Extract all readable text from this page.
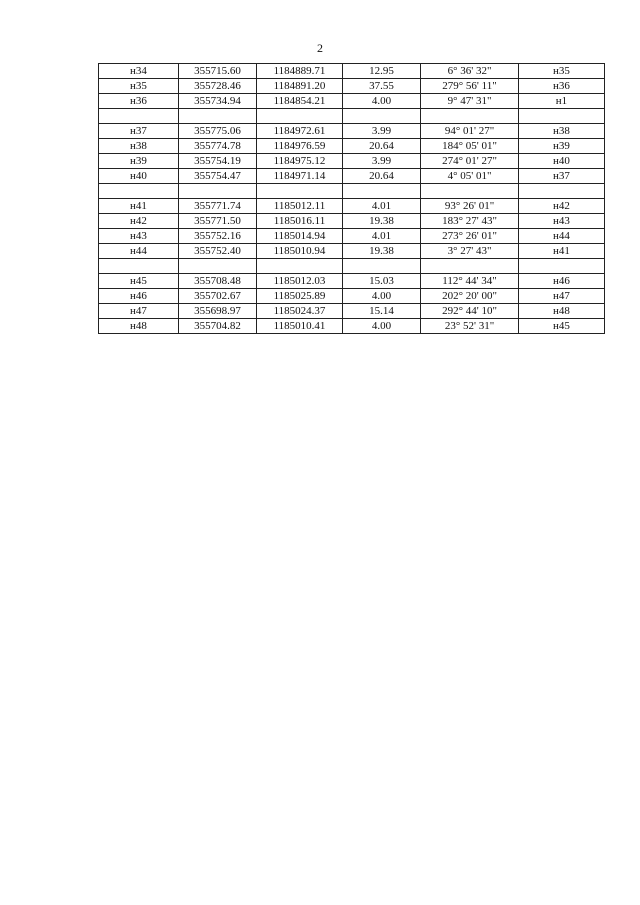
2
н34	355715.60	1184889.71	12.95	6° 36' 32"	н35
н35	355728.46	1184891.20	37.55	279° 56' 11"	н36
н36	355734.94	1184854.21	4.00	9° 47' 31"	н1

н37	355775.06	1184972.61	3.99	94° 01' 27"	н38
н38	355774.78	1184976.59	20.64	184° 05' 01"	н39
н39	355754.19	1184975.12	3.99	274° 01' 27"	н40
н40	355754.47	1184971.14	20.64	4° 05' 01"	н37

н41	355771.74	1185012.11	4.01	93° 26' 01"	н42
н42	355771.50	1185016.11	19.38	183° 27' 43"	н43
н43	355752.16	1185014.94	4.01	273° 26' 01"	н44
н44	355752.40	1185010.94	19.38	3° 27' 43"	н41

н45	355708.48	1185012.03	15.03	112° 44' 34"	н46
н46	355702.67	1185025.89	4.00	202° 20' 00"	н47
н47	355698.97	1185024.37	15.14	292° 44' 10"	н48
н48	355704.82	1185010.41	4.00	23° 52' 31"	н45
